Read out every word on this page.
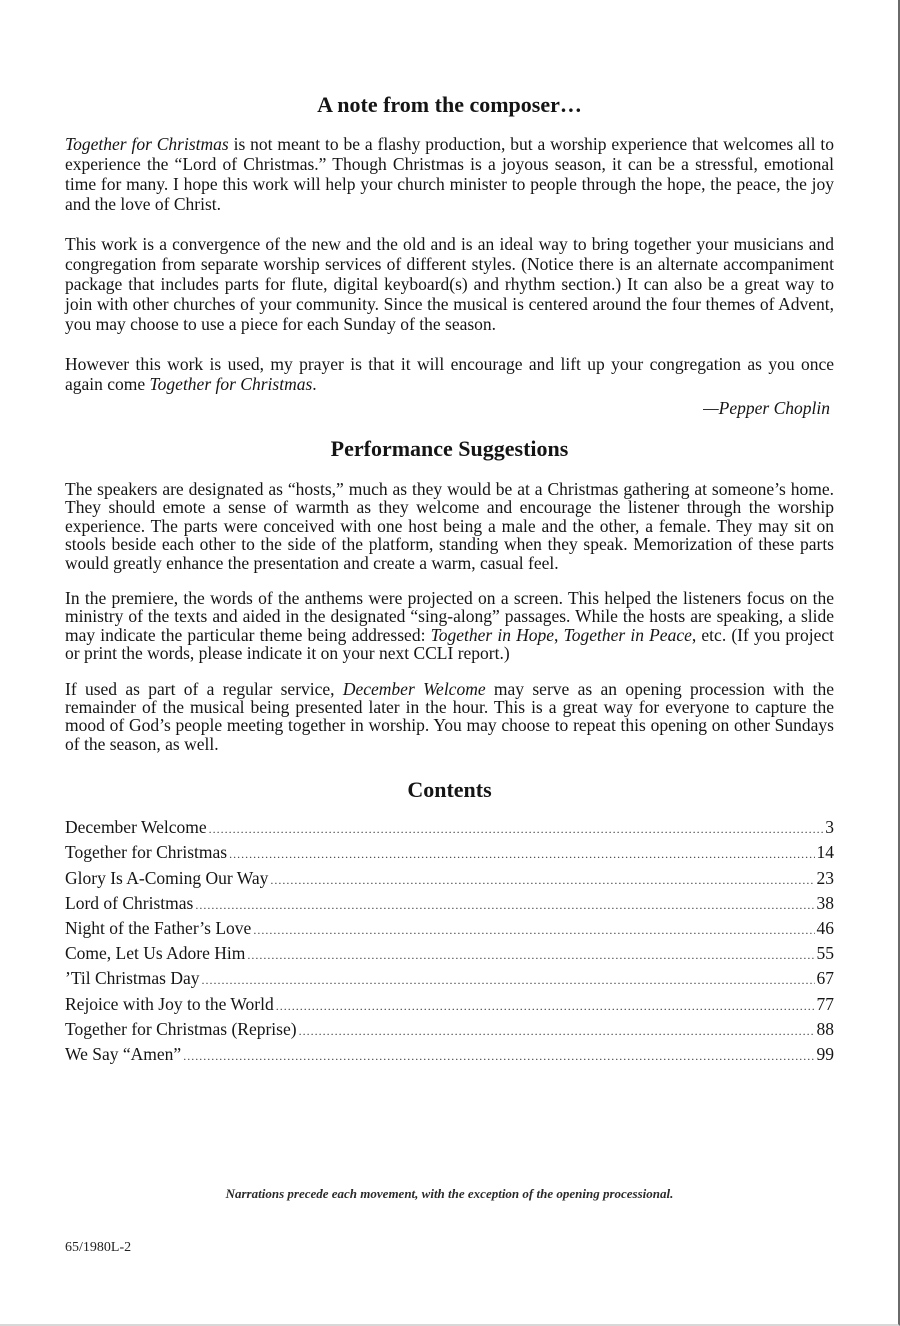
A note from the composer…

Together for Christmas is not meant to be a flashy production, but a worship experience that welcomes all to experience the “Lord of Christmas.” Though Christmas is a joyous season, it can be a stressful, emotional time for many. I hope this work will help your church minister to people through the hope, the peace, the joy and the love of Christ.

This work is a convergence of the new and the old and is an ideal way to bring together your musicians and congregation from separate worship services of different styles. (Notice there is an alternate accompaniment package that includes parts for flute, digital keyboard(s) and rhythm section.) It can also be a great way to join with other churches of your community. Since the musical is centered around the four themes of Advent, you may choose to use a piece for each Sunday of the season.

However this work is used, my prayer is that it will encourage and lift up your congregation as you once again come Together for Christmas.

—Pepper Choplin
Performance Suggestions

The speakers are designated as “hosts,” much as they would be at a Christmas gathering at someone’s home. They should emote a sense of warmth as they welcome and encourage the listener through the worship experience. The parts were conceived with one host being a male and the other, a female. They may sit on stools beside each other to the side of the platform, standing when they speak. Memorization of these parts would greatly enhance the presentation and create a warm, casual feel.

In the premiere, the words of the anthems were projected on a screen. This helped the listeners focus on the ministry of the texts and aided in the designated “sing-along” passages. While the hosts are speaking, a slide may indicate the particular theme being addressed: Together in Hope, Together in Peace, etc. (If you project or print the words, please indicate it on your next CCLI report.)

If used as part of a regular service, December Welcome may serve as an opening procession with the remainder of the musical being presented later in the hour. This is a great way for everyone to capture the mood of God’s people meeting together in worship. You may choose to repeat this opening on other Sundays of the season, as well.

Contents
December Welcome .....	3
Together for Christmas .....	14
Glory Is A-Coming Our Way .....	23
Lord of Christmas .....	38
Night of the Father’s Love .....	46
Come, Let Us Adore Him .....	55
’Til Christmas Day .....	67
Rejoice with Joy to the World .....	77
Together for Christmas (Reprise) .....	88
We Say “Amen” .....	99
Narrations precede each movement, with the exception of the opening processional.
65/1980L-2
